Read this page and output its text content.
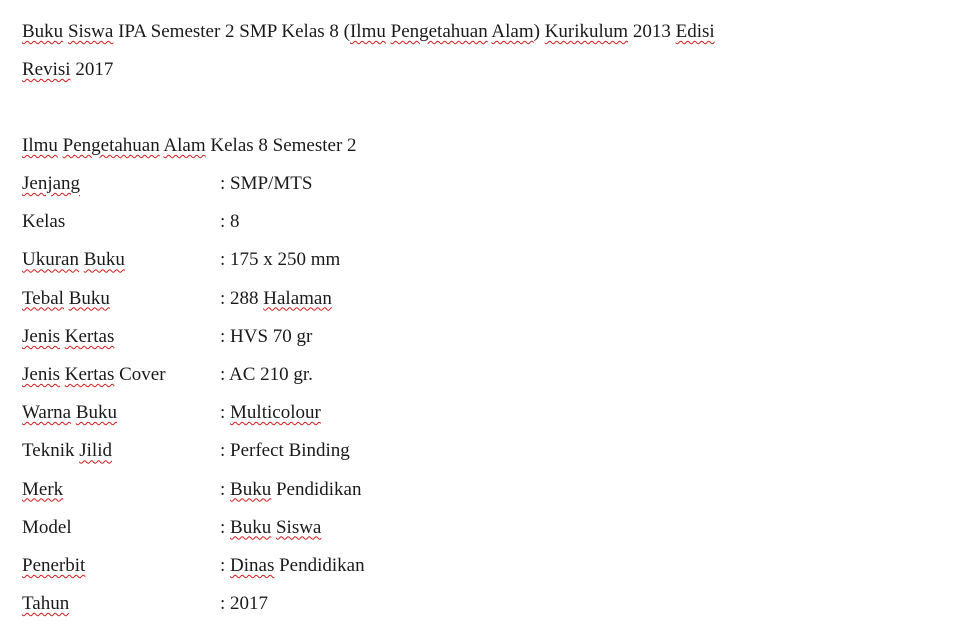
Buku Siswa IPA Semester 2 SMP Kelas 8 (Ilmu Pengetahuan Alam) Kurikulum 2013 Edisi
Revisi 2017
Ilmu Pengetahuan Alam Kelas 8 Semester 2
Jenjang	: SMP/MTS
Kelas	: 8
Ukuran Buku	: 175 x 250 mm
Tebal Buku	: 288 Halaman
Jenis Kertas	: HVS 70 gr
Jenis Kertas Cover	: AC 210 gr.
Warna Buku	: Multicolour
Teknik Jilid	: Perfect Binding
Merk	: Buku Pendidikan
Model	: Buku Siswa
Penerbit	: Dinas Pendidikan
Tahun	: 2017
